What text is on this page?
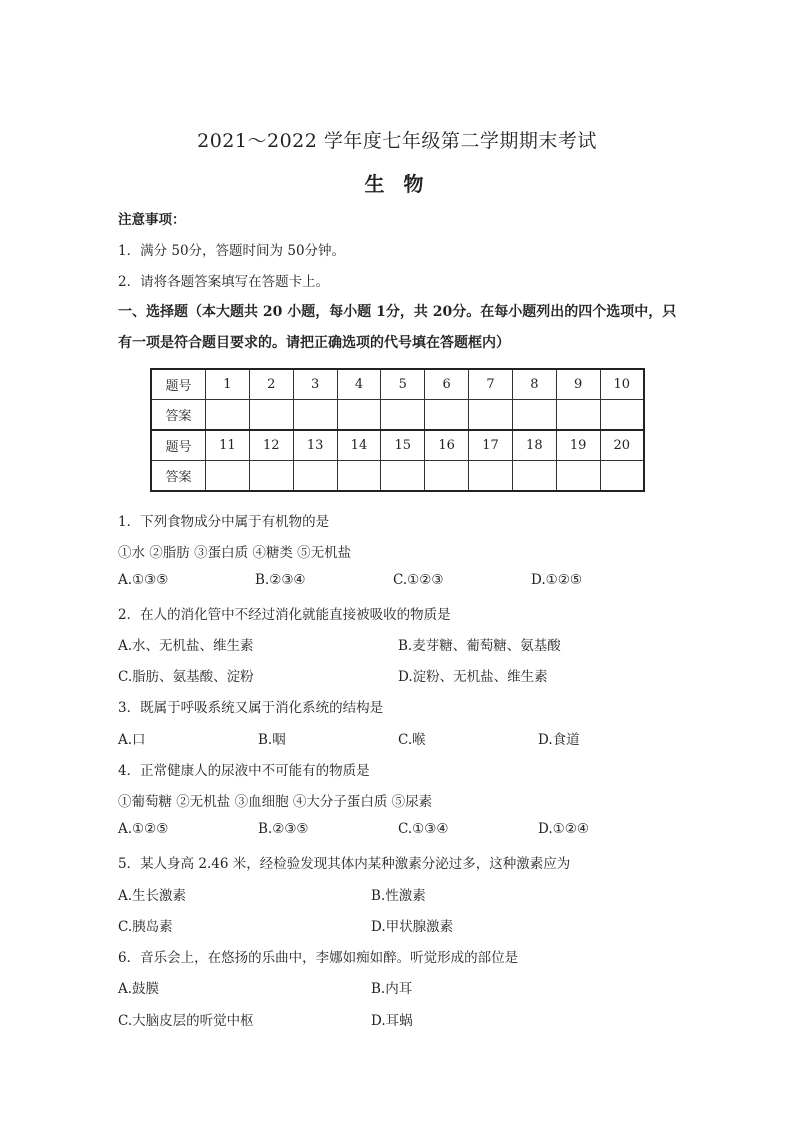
2021～2022 学年度七年级第二学期期末考试
生 物
注意事项：
1．满分 50分，答题时间为 50分钟。
2．请将各题答案填写在答题卡上。
一、选择题（本大题共 20 小题，每小题 1分，共 20分。在每小题列出的四个选项中，只
有一项是符合题目要求的。请把正确选项的代号填在答题框内）
题号	1	2	3	4	5	6	7	8	9	10
答案										
题号	11	12	13	14	15	16	17	18	19	20
答案										
1．下列食物成分中属于有机物的是
①水 ②脂肪 ③蛋白质 ④糖类 ⑤无机盐
A.①③⑤	B.②③④	C.①②③	D.①②⑤
2．在人的消化管中不经过消化就能直接被吸收的物质是
A.水、无机盐、维生素	B.麦芽糖、葡萄糖、氨基酸
C.脂肪、氨基酸、淀粉	D.淀粉、无机盐、维生素
3．既属于呼吸系统又属于消化系统的结构是
A.口	B.咽	C.喉	D.食道
4．正常健康人的尿液中不可能有的物质是
①葡萄糖 ②无机盐 ③血细胞 ④大分子蛋白质 ⑤尿素
A.①②⑤	B.②③⑤	C.①③④	D.①②④
5．某人身高 2.46 米，经检验发现其体内某种激素分泌过多，这种激素应为
A.生长激素	B.性激素
C.胰岛素	D.甲状腺激素
6．音乐会上，在悠扬的乐曲中，李娜如痴如醉。听觉形成的部位是
A.鼓膜	B.内耳
C.大脑皮层的听觉中枢	D.耳蜗
